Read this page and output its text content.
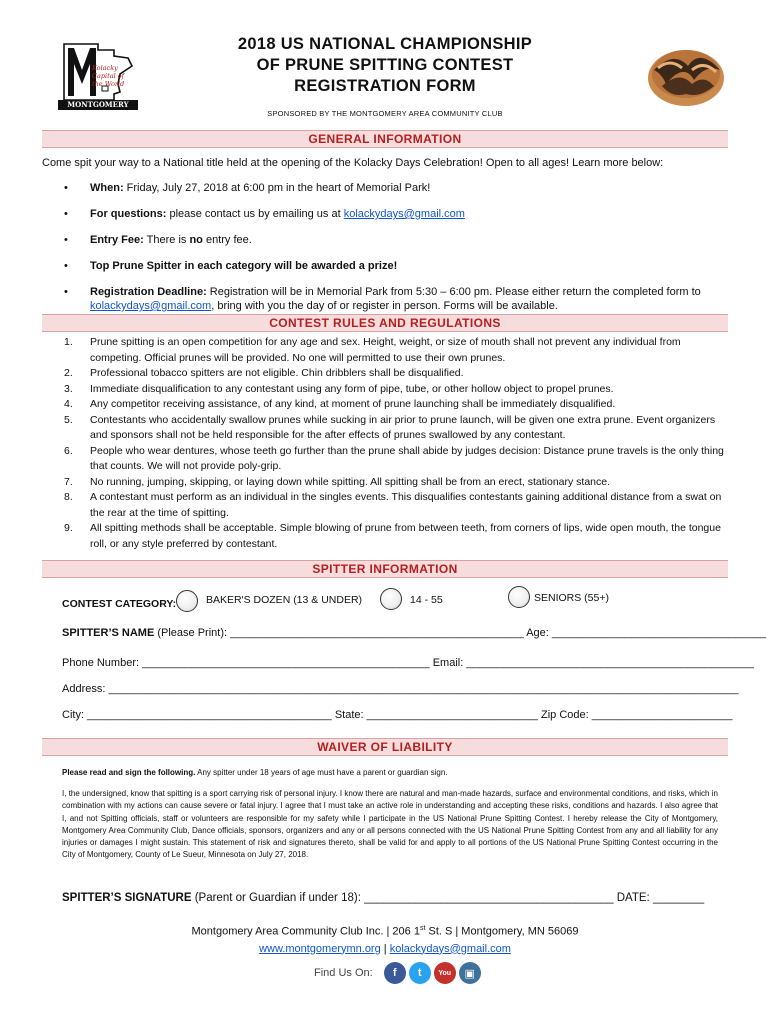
Kolacky Capital of the World
MONTGOMERY
2018 US NATIONAL CHAMPIONSHIP
OF PRUNE SPITTING CONTEST
REGISTRATION FORM
SPONSORED BY THE MONTGOMERY AREA COMMUNITY CLUB
GENERAL INFORMATION
Come spit your way to a National title held at the opening of the Kolacky Days Celebration! Open to all ages! Learn more below:
• When: Friday, July 27, 2018 at 6:00 pm in the heart of Memorial Park!
• For questions: please contact us by emailing us at kolackydays@gmail.com
• Entry Fee: There is no entry fee.
• Top Prune Spitter in each category will be awarded a prize!
• Registration Deadline: Registration will be in Memorial Park from 5:30 – 6:00 pm. Please either return the completed form to kolackydays@gmail.com, bring with you the day of or register in person. Forms will be available.
CONTEST RULES AND REGULATIONS
1. Prune spitting is an open competition for any age and sex. Height, weight, or size of mouth shall not prevent any individual from competing. Official prunes will be provided. No one will permitted to use their own prunes.
2. Professional tobacco spitters are not eligible. Chin dribblers shall be disqualified.
3. Immediate disqualification to any contestant using any form of pipe, tube, or other hollow object to propel prunes.
4. Any competitor receiving assistance, of any kind, at moment of prune launching shall be immediately disqualified.
5. Contestants who accidentally swallow prunes while sucking in air prior to prune launch, will be given one extra prune. Event organizers and sponsors shall not be held responsible for the after effects of prunes swallowed by any contestant.
6. People who wear dentures, whose teeth go further than the prune shall abide by judges decision: Distance prune travels is the only thing that counts. We will not provide poly-grip.
7. No running, jumping, skipping, or laying down while spitting. All spitting shall be from an erect, stationary stance.
8. A contestant must perform as an individual in the singles events. This disqualifies contestants gaining additional distance from a swat on the rear at the time of spitting.
9. All spitting methods shall be acceptable. Simple blowing of prune from between teeth, from corners of lips, wide open mouth, the tongue roll, or any style preferred by contestant.
SPITTER INFORMATION
CONTEST CATEGORY:	BAKER'S DOZEN (13 & UNDER)	14 - 55	SENIORS (55+)
SPITTER’S NAME (Please Print): ________________________________________________ Age: ___________________________________
Phone Number: _______________________________________________ Email: _______________________________________________
Address: _______________________________________________________________________________________________________
City: ________________________________________ State: ____________________________ Zip Code: _______________________
WAIVER OF LIABILITY
Please read and sign the following. Any spitter under 18 years of age must have a parent or guardian sign.
I, the undersigned, know that spitting is a sport carrying risk of personal injury. I know there are natural and man-made hazards, surface and environmental conditions, and risks, which in combination with my actions can cause severe or fatal injury. I agree that I must take an active role in understanding and accepting these risks, conditions and hazards. I also agree that I, and not Spitting officials, staff or volunteers are responsible for my safety while I participate in the US National Prune Spitting Contest. I hereby release the City of Montgomery, Montgomery Area Community Club, Dance officials, sponsors, organizers and any or all persons connected with the US National Prune Spitting Contest from any and all liability for any injuries or damages I might sustain. This statement of risk and signatures thereto, shall be valid for and apply to all portions of the US National Prune Spitting Contest occurring in the City of Montgomery, County of Le Sueur, Minnesota on July 27, 2018.
SPITTER’S SIGNATURE (Parent or Guardian if under 18): _______________________________________ DATE: ________
Montgomery Area Community Club Inc. | 206 1st St. S | Montgomery, MN 56069
www.montgomerymn.org | kolackydays@gmail.com
Find Us On:	f	t	You	▣
